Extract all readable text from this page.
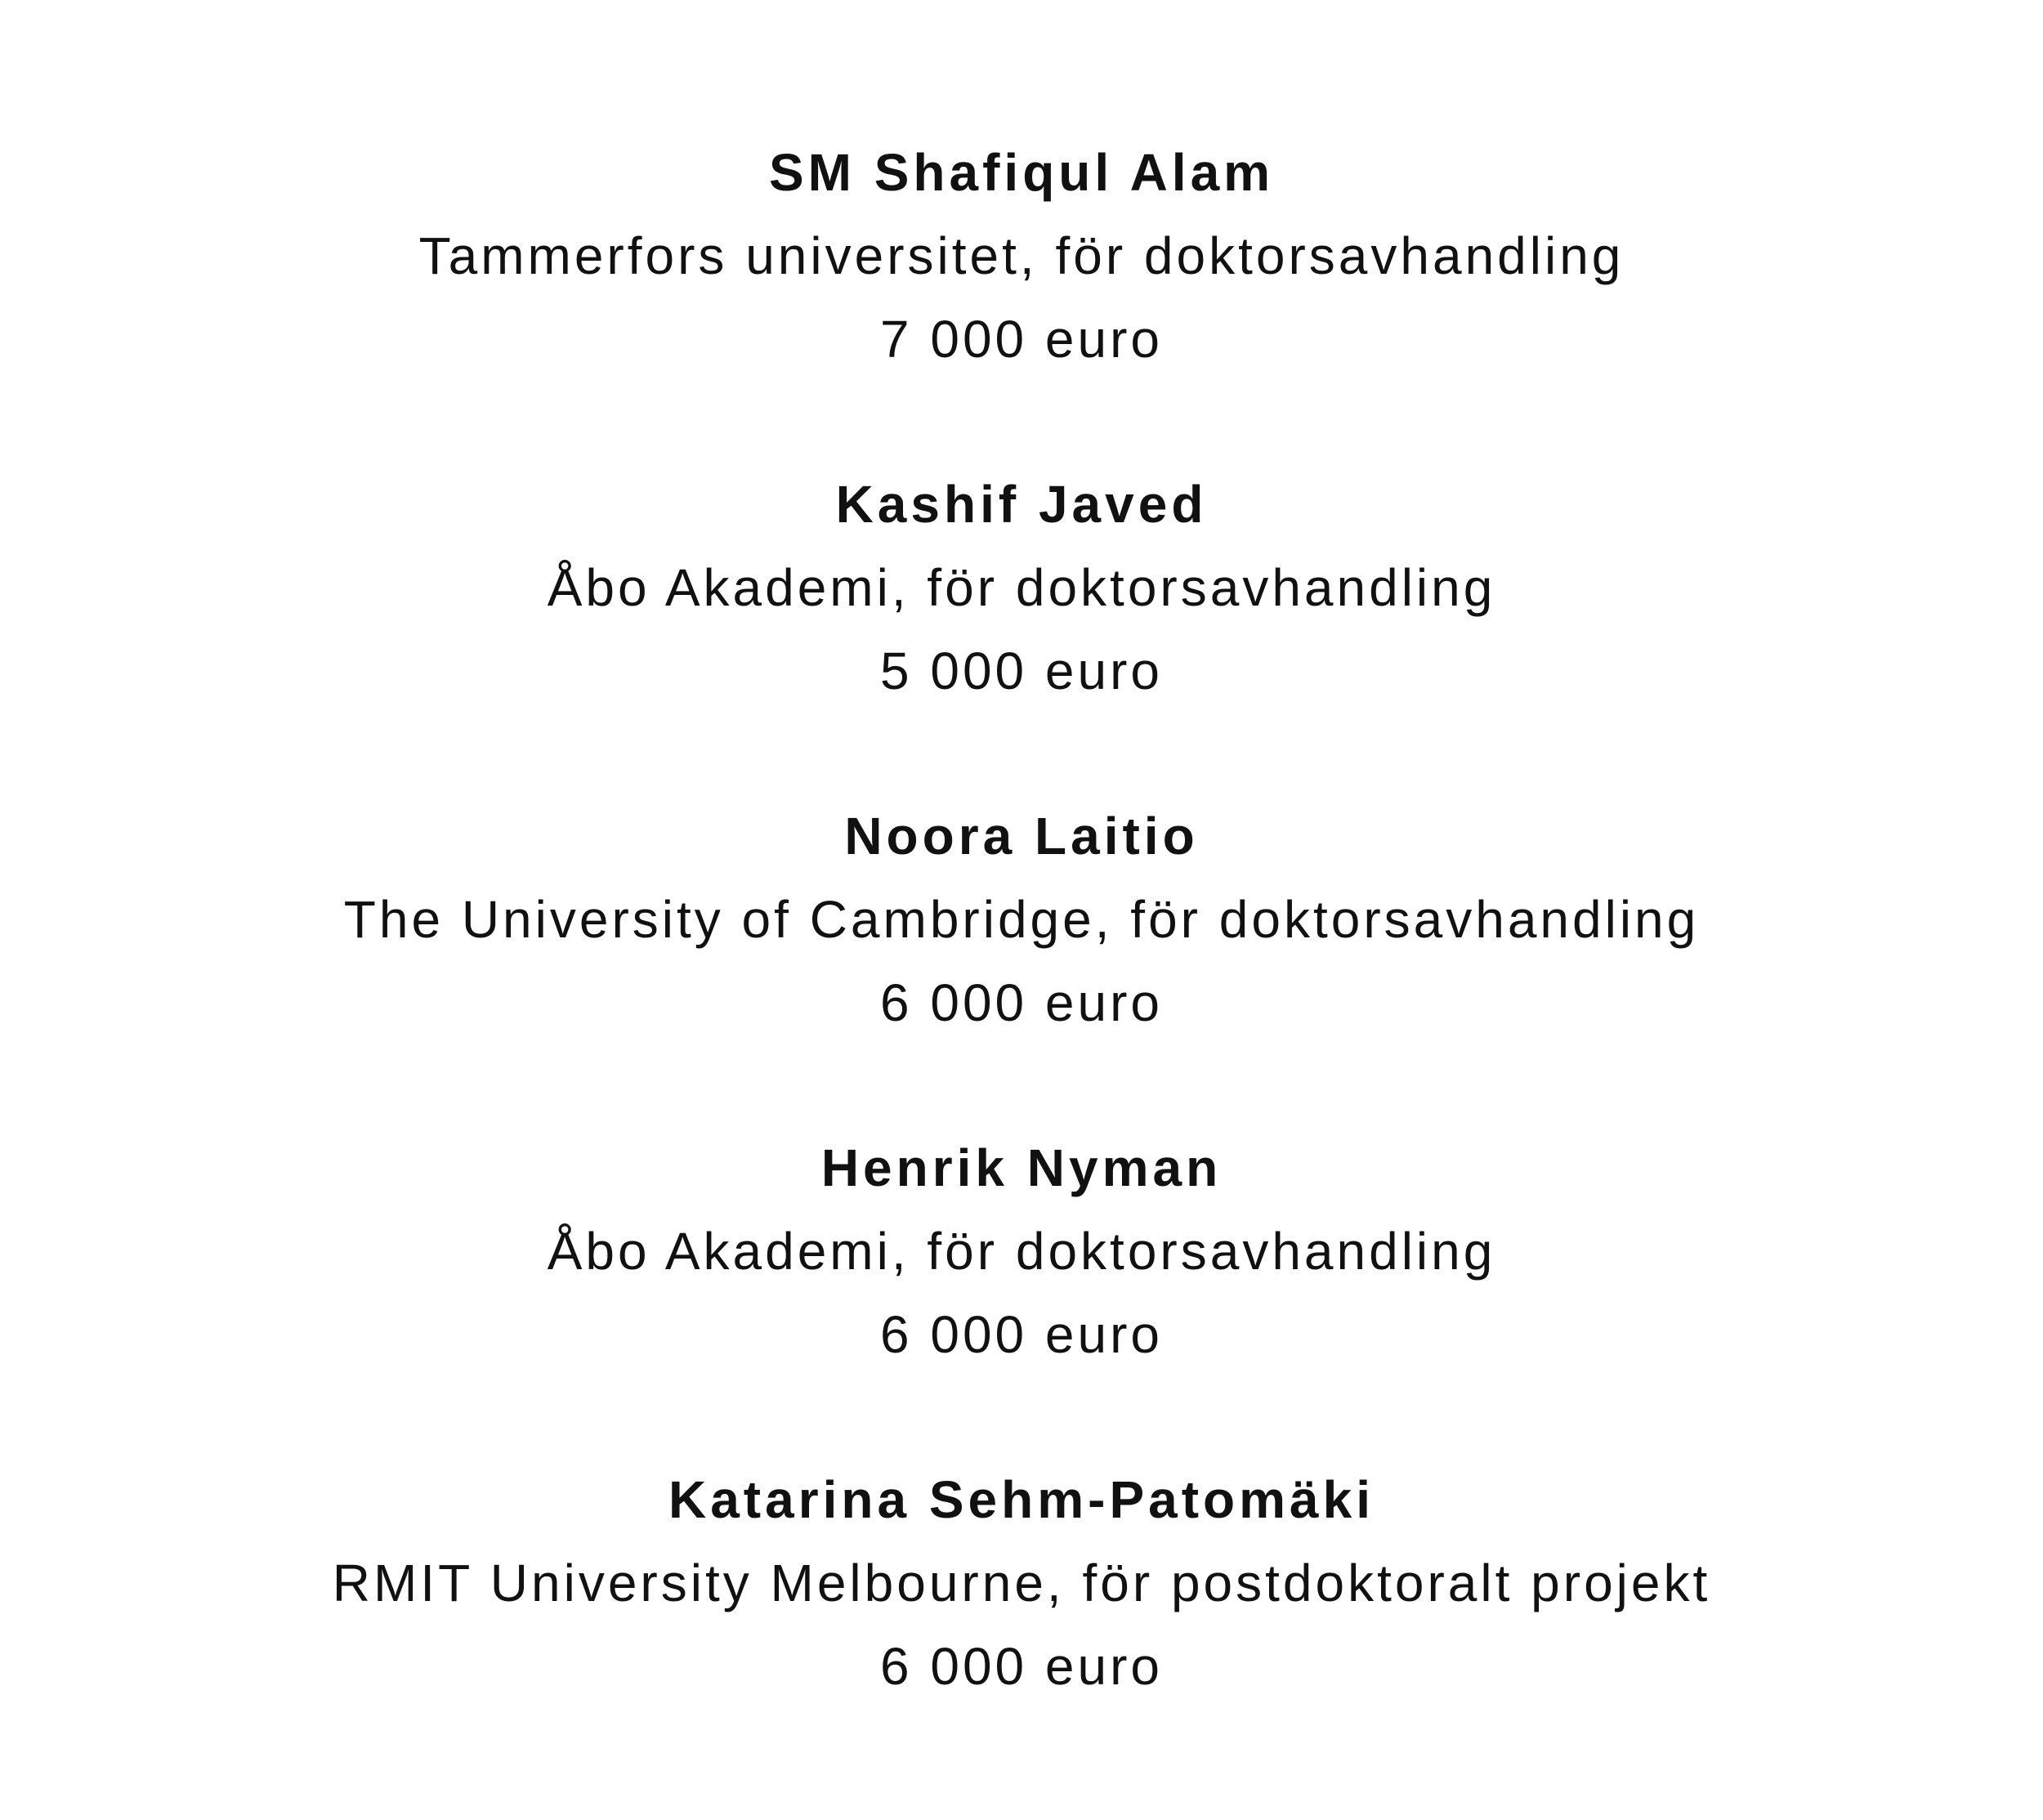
SM Shafiqul Alam
Tammerfors universitet, för doktorsavhandling
7 000 euro
Kashif Javed
Åbo Akademi, för doktorsavhandling
5 000 euro
Noora Laitio
The University of Cambridge, för doktorsavhandling
6 000 euro
Henrik Nyman
Åbo Akademi, för doktorsavhandling
6 000 euro
Katarina Sehm-Patomäki
RMIT University Melbourne, för postdoktoralt projekt
6 000 euro
